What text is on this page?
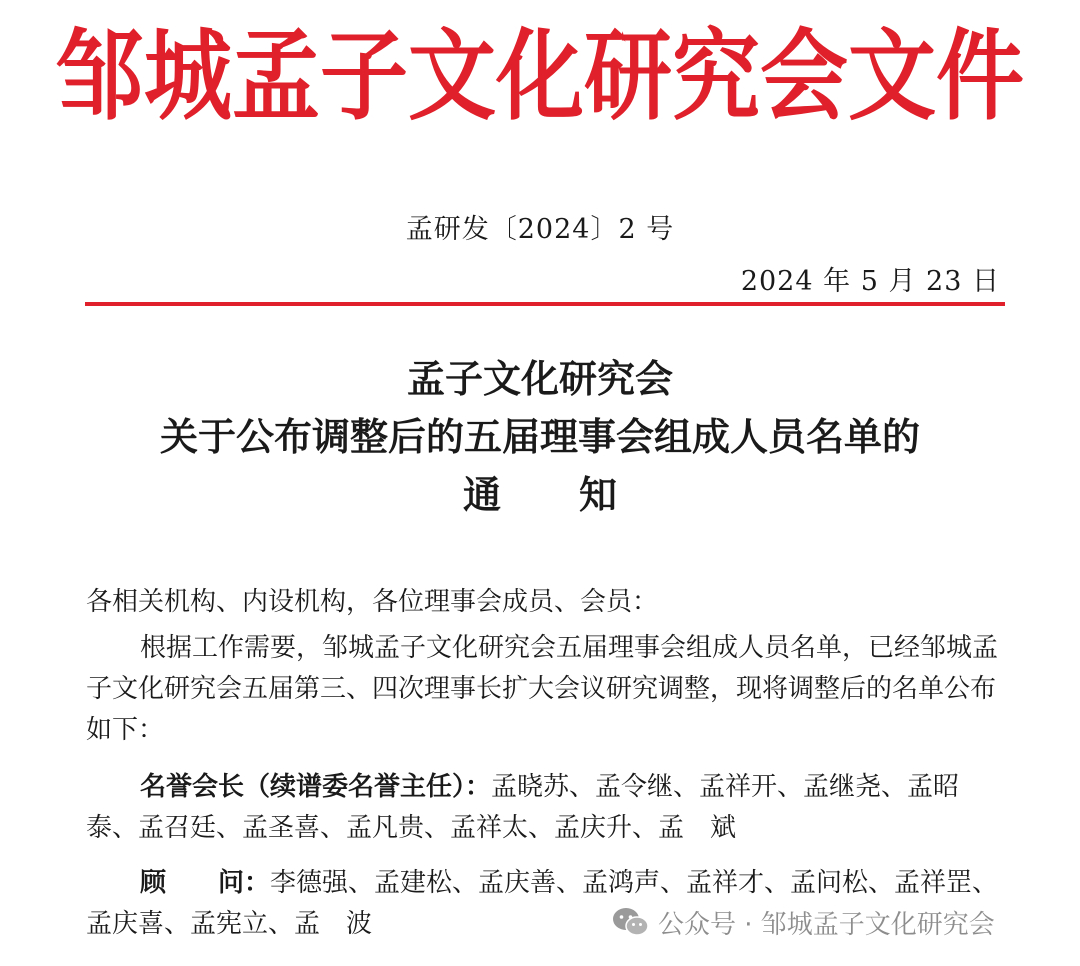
邹城孟子文化研究会文件
孟研发〔2024〕2 号
2024 年 5 月 23 日
孟子文化研究会
关于公布调整后的五届理事会组成人员名单的
通 知
各相关机构、内设机构，各位理事会成员、会员：
根据工作需要，邹城孟子文化研究会五届理事会组成人员名单，已经邹城孟子文化研究会五届第三、四次理事长扩大会议研究调整，现将调整后的名单公布如下：
名誉会长（续谱委名誉主任）：孟晓苏、孟令继、孟祥开、孟继尧、孟昭泰、孟召廷、孟圣喜、孟凡贵、孟祥太、孟庆升、孟　斌
顾　　问：李德强、孟建松、孟庆善、孟鸿声、孟祥才、孟问松、孟祥罡、孟庆喜、孟宪立、孟　波	公众号 · 邹城孟子文化研究会
